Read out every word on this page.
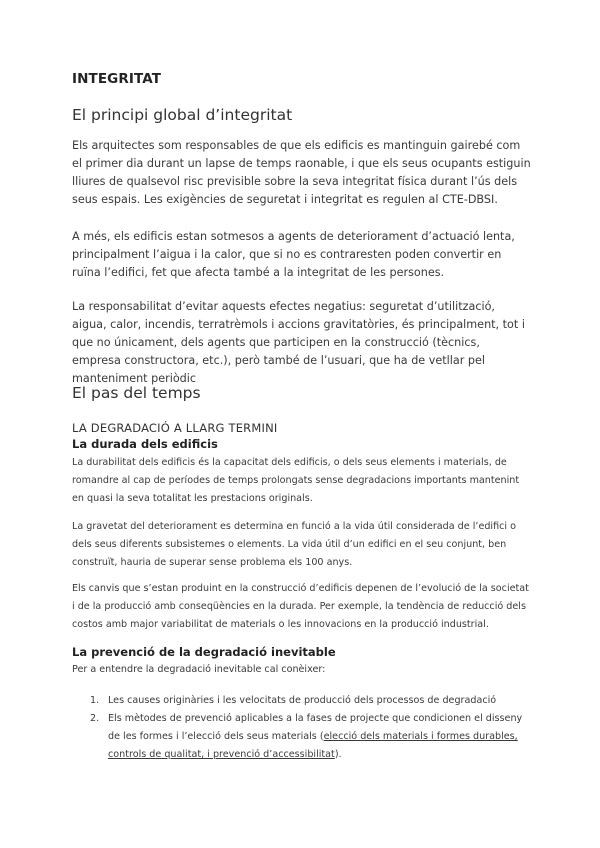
INTEGRITAT
El principi global d’integritat

Els arquitectes som responsables de que els edificis es mantinguin gairebé com el primer dia durant un lapse de temps raonable, i que els seus ocupants estiguin lliures de qualsevol risc previsible sobre la seva integritat física durant l’ús dels seus espais. Les exigències de seguretat i integritat es regulen al CTE-DBSI.

A més, els edificis estan sotmesos a agents de deteriorament d’actuació lenta, principalment l’aigua i la calor, que si no es contraresten poden convertir en ruïna l’edifici, fet que afecta també a la integritat de les persones.

La responsabilitat d’evitar aquests efectes negatius: seguretat d’utilització, aigua, calor, incendis, terratrèmols i accions gravitatòries, és principalment, tot i que no únicament, dels agents que participen en la construcció (tècnics, empresa constructora, etc.), però també de l’usuari, que ha de vetllar pel manteniment periòdic

El pas del temps
LA DEGRADACIÓ A LLARG TERMINI
La durada dels edificis

La durabilitat dels edificis és la capacitat dels edificis, o dels seus elements i materials, de romandre al cap de períodes de temps prolongats sense degradacions importants mantenint en quasi la seva totalitat les prestacions originals.

La gravetat del deteriorament es determina en funció a la vida útil considerada de l’edifici o dels seus diferents subsistemes o elements. La vida útil d’un edifici en el seu conjunt, ben construït, hauria de superar sense problema els 100 anys.

Els canvis que s’estan produint en la construcció d’edificis depenen de l’evolució de la societat i de la producció amb conseqüències en la durada. Per exemple, la tendència de reducció dels costos amb major variabilitat de materials o les innovacions en la producció industrial.

La prevenció de la degradació inevitable

Per a entendre la degradació inevitable cal conèixer:

1. Les causes originàries i les velocitats de producció dels processos de degradació
2. Els mètodes de prevenció aplicables a la fases de projecte que condicionen el disseny de les formes i l’elecció dels seus materials (elecció dels materials i formes durables, controls de qualitat, i prevenció d’accessibilitat).
